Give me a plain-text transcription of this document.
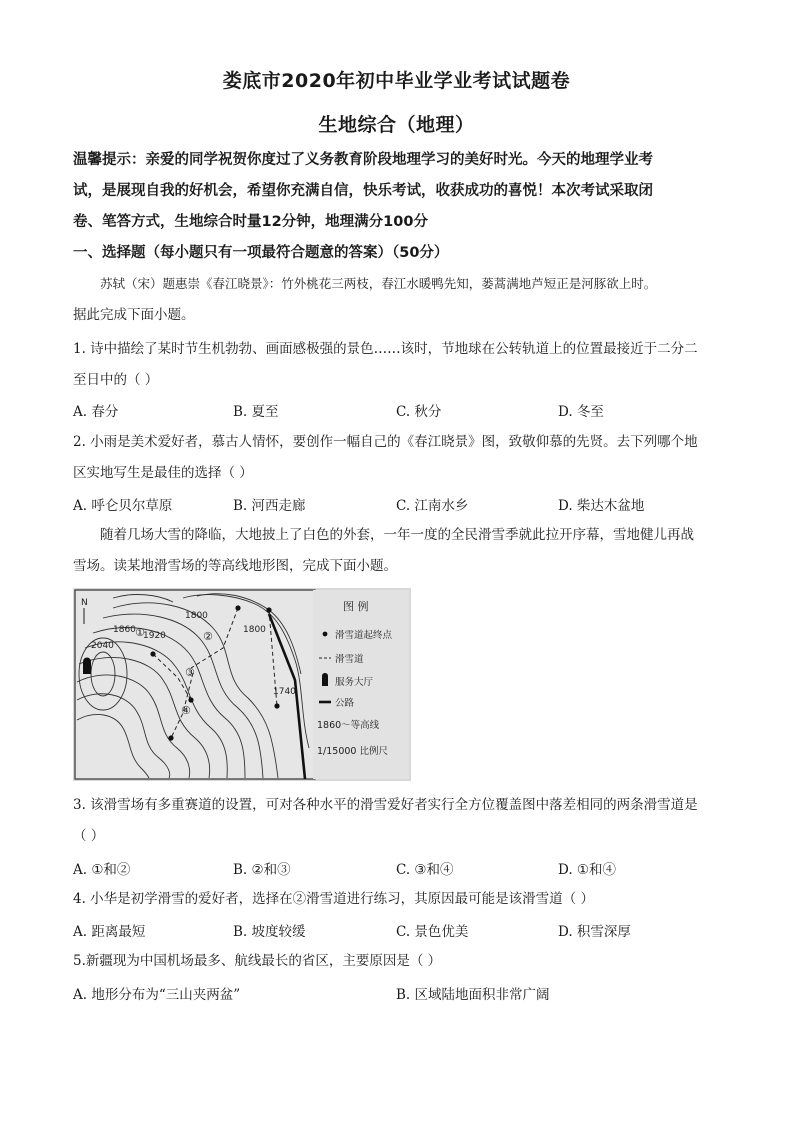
娄底市2020年初中毕业学业考试试题卷
生地综合（地理）
温馨提示：亲爱的同学祝贺你度过了义务教育阶段地理学习的美好时光。今天的地理学业考
试，是展现自我的好机会，希望你充满自信，快乐考试，收获成功的喜悦！本次考试采取闭
卷、笔答方式，生地综合时量12分钟，地理满分100分
一、选择题（每小题只有一项最符合题意的答案）（50分）
苏轼（宋）题惠崇《春江晓景》：竹外桃花三两枝，春江水暖鸭先知，蒌蒿满地芦短正是河豚欲上时。
据此完成下面小题。
1. 诗中描绘了某时节生机勃勃、画面感极强的景色……该时，节地球在公转轨道上的位置最接近于二分二
至日中的（ ）
A. 春分	B. 夏至	C. 秋分	D. 冬至
2. 小雨是美术爱好者，慕古人情怀，要创作一幅自己的《春江晓景》图，致敬仰慕的先贤。去下列哪个地
区实地写生是最佳的选择（ ）
A. 呼仑贝尔草原	B. 河西走廊	C. 江南水乡	D. 柴达木盆地
随着几场大雪的降临，大地披上了白色的外套，一年一度的全民滑雪季就此拉开序幕，雪地健儿再战
雪场。读某地滑雪场的等高线地形图，完成下面小题。
N
1800
1860
1920
1800
2040
1740
①	②
③
④
图 例
滑雪道起终点
滑雪道
服务大厅
公路
1860～等高线
1/15000 比例尺
3. 该滑雪场有多重赛道的设置，可对各种水平的滑雪爱好者实行全方位覆盖图中落差相同的两条滑雪道是
（ ）
A. ①和②	B. ②和③	C. ③和④	D. ①和④
4. 小华是初学滑雪的爱好者，选择在②滑雪道进行练习，其原因最可能是该滑雪道（ ）
A. 距离最短	B. 坡度较缓	C. 景色优美	D. 积雪深厚
5.新疆现为中国机场最多、航线最长的省区，主要原因是（ ）
A. 地形分布为“三山夹两盆”	B. 区域陆地面积非常广阔
